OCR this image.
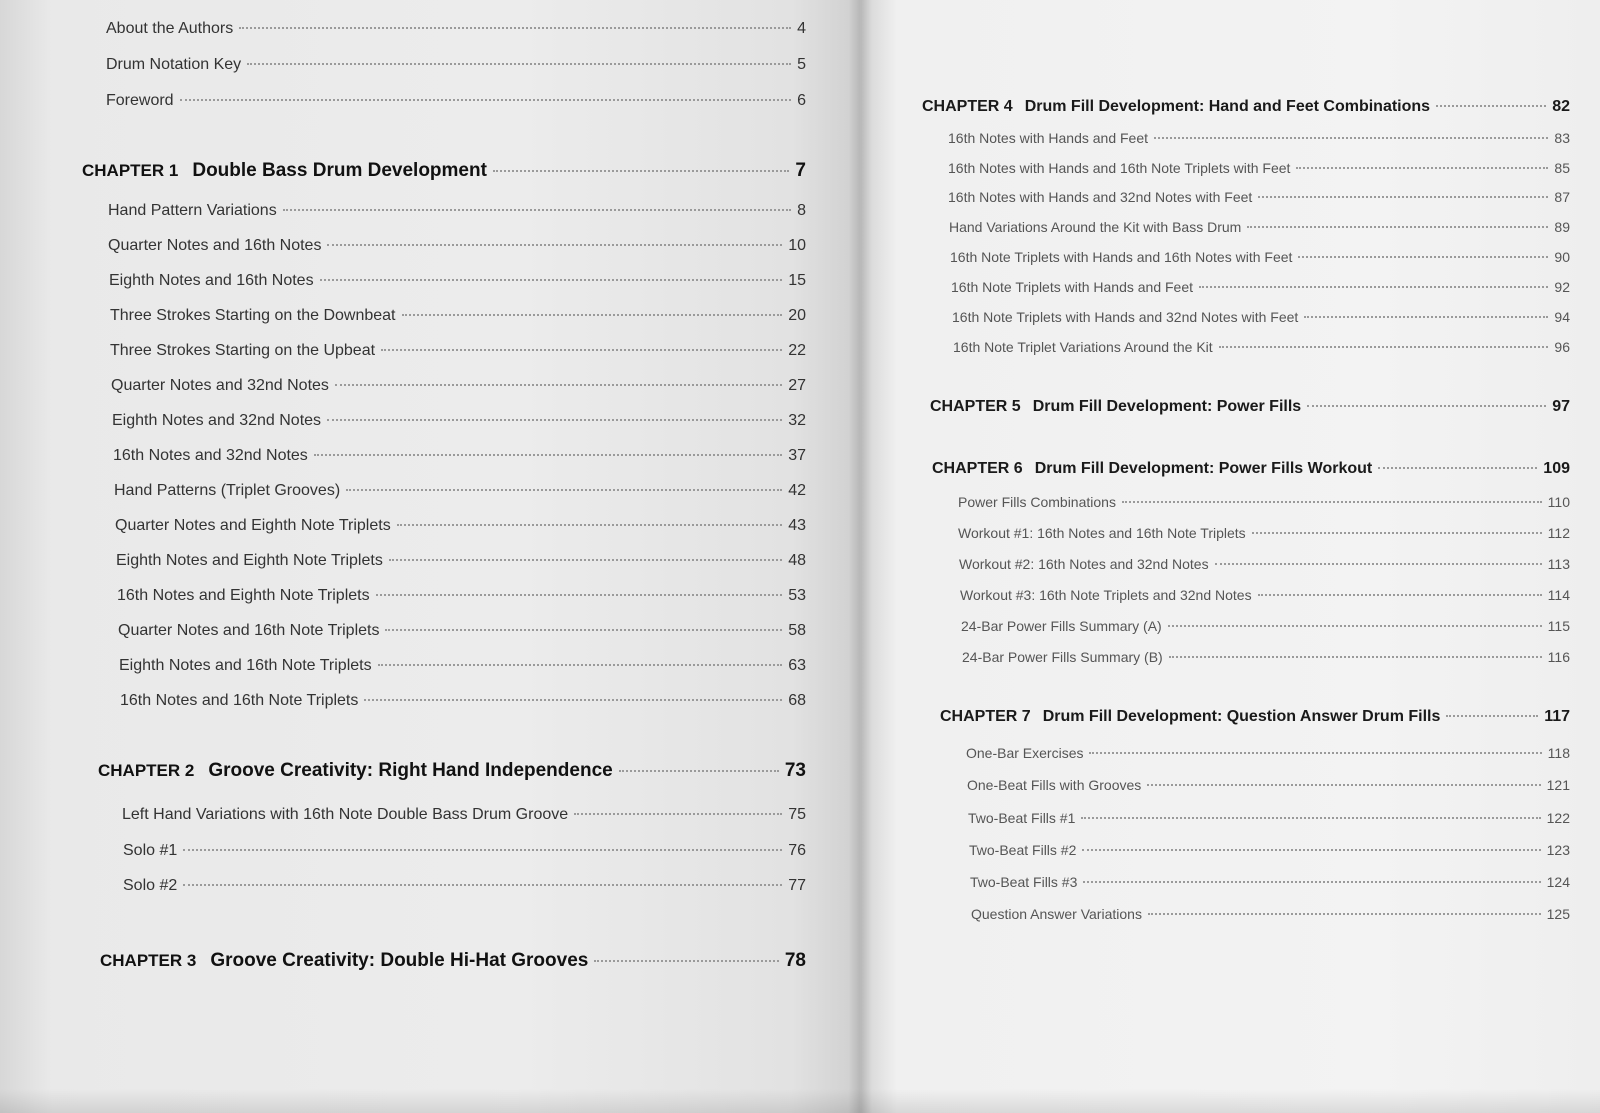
About the Authors	4
Drum Notation Key	5
Foreword	6
CHAPTER 1 Double Bass Drum Development	7
Hand Pattern Variations	8
Quarter Notes and 16th Notes	10
Eighth Notes and 16th Notes	15
Three Strokes Starting on the Downbeat	20
Three Strokes Starting on the Upbeat	22
Quarter Notes and 32nd Notes	27
Eighth Notes and 32nd Notes	32
16th Notes and 32nd Notes	37
Hand Patterns (Triplet Grooves)	42
Quarter Notes and Eighth Note Triplets	43
Eighth Notes and Eighth Note Triplets	48
16th Notes and Eighth Note Triplets	53
Quarter Notes and 16th Note Triplets	58
Eighth Notes and 16th Note Triplets	63
16th Notes and 16th Note Triplets	68
CHAPTER 2 Groove Creativity: Right Hand Independence	73
Left Hand Variations with 16th Note Double Bass Drum Groove	75
Solo #1	76
Solo #2	77
CHAPTER 3 Groove Creativity: Double Hi-Hat Grooves	78
CHAPTER 4 Drum Fill Development: Hand and Feet Combinations	82
16th Notes with Hands and Feet	83
16th Notes with Hands and 16th Note Triplets with Feet	85
16th Notes with Hands and 32nd Notes with Feet	87
Hand Variations Around the Kit with Bass Drum	89
16th Note Triplets with Hands and 16th Notes with Feet	90
16th Note Triplets with Hands and Feet	92
16th Note Triplets with Hands and 32nd Notes with Feet	94
16th Note Triplet Variations Around the Kit	96
CHAPTER 5 Drum Fill Development: Power Fills	97
CHAPTER 6 Drum Fill Development: Power Fills Workout	109
Power Fills Combinations	110
Workout #1: 16th Notes and 16th Note Triplets	112
Workout #2: 16th Notes and 32nd Notes	113
Workout #3: 16th Note Triplets and 32nd Notes	114
24-Bar Power Fills Summary (A)	115
24-Bar Power Fills Summary (B)	116
CHAPTER 7 Drum Fill Development: Question Answer Drum Fills	117
One-Bar Exercises	118
One-Beat Fills with Grooves	121
Two-Beat Fills #1	122
Two-Beat Fills #2	123
Two-Beat Fills #3	124
Question Answer Variations	125
